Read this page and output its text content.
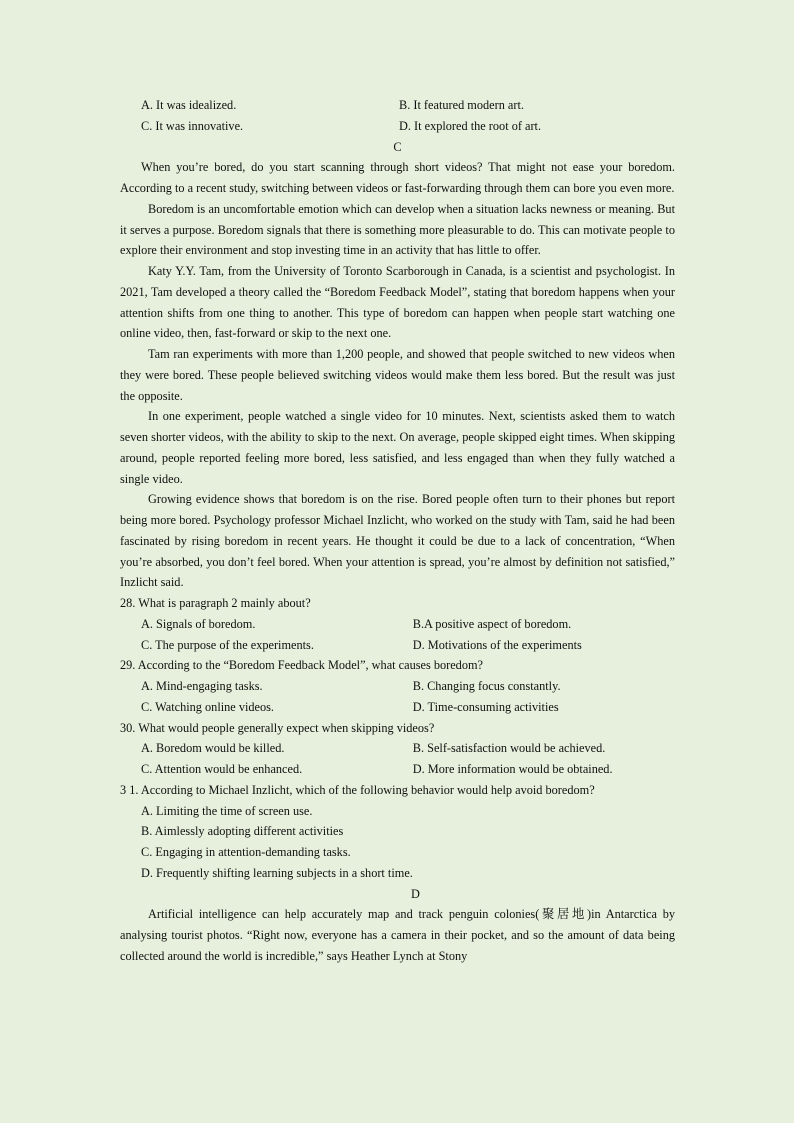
A. It was idealized.	B. It featured modern art.
C. It was innovative.	D. It explored the root of art.
C

When you’re bored, do you start scanning through short videos? That might not ease your boredom. According to a recent study, switching between videos or fast-forwarding through them can bore you even more.

Boredom is an uncomfortable emotion which can develop when a situation lacks newness or meaning. But it serves a purpose. Boredom signals that there is something more pleasurable to do. This can motivate people to explore their environment and stop investing time in an activity that has little to offer.

Katy Y.Y. Tam, from the University of Toronto Scarborough in Canada, is a scientist and psychologist. In 2021, Tam developed a theory called the “Boredom Feedback Model”, stating that boredom happens when your attention shifts from one thing to another. This type of boredom can happen when people start watching one online video, then, fast-forward or skip to the next one.

Tam ran experiments with more than 1,200 people, and showed that people switched to new videos when they were bored. These people believed switching videos would make them less bored. But the result was just the opposite.

In one experiment, people watched a single video for 10 minutes. Next, scientists asked them to watch seven shorter videos, with the ability to skip to the next. On average, people skipped eight times. When skipping around, people reported feeling more bored, less satisfied, and less engaged than when they fully watched a single video.

Growing evidence shows that boredom is on the rise. Bored people often turn to their phones but report being more bored. Psychology professor Michael Inzlicht, who worked on the study with Tam, said he had been fascinated by rising boredom in recent years. He thought it could be due to a lack of concentration, “When you’re absorbed, you don’t feel bored. When your attention is spread, you’re almost by definition not satisfied,” Inzlicht said.

28. What is paragraph 2 mainly about?
A. Signals of boredom.	B.A positive aspect of boredom.
C. The purpose of the experiments.	D. Motivations of the experiments
29. According to the “Boredom Feedback Model”, what causes boredom?
A. Mind-engaging tasks.	B. Changing focus constantly.
C. Watching online videos.	D. Time-consuming activities
30. What would people generally expect when skipping videos?
A. Boredom would be killed.	B. Self-satisfaction would be achieved.
C. Attention would be enhanced.	D. More information would be obtained.
3 1. According to Michael Inzlicht, which of the following behavior would help avoid boredom?
A. Limiting the time of screen use.
B. Aimlessly adopting different activities
C. Engaging in attention-demanding tasks.
D. Frequently shifting learning subjects in a short time.
D

Artificial intelligence can help accurately map and track penguin colonies(聚居地)in Antarctica by analysing tourist photos. “Right now, everyone has a camera in their pocket, and so the amount of data being collected around the world is incredible,” says Heather Lynch at Stony
